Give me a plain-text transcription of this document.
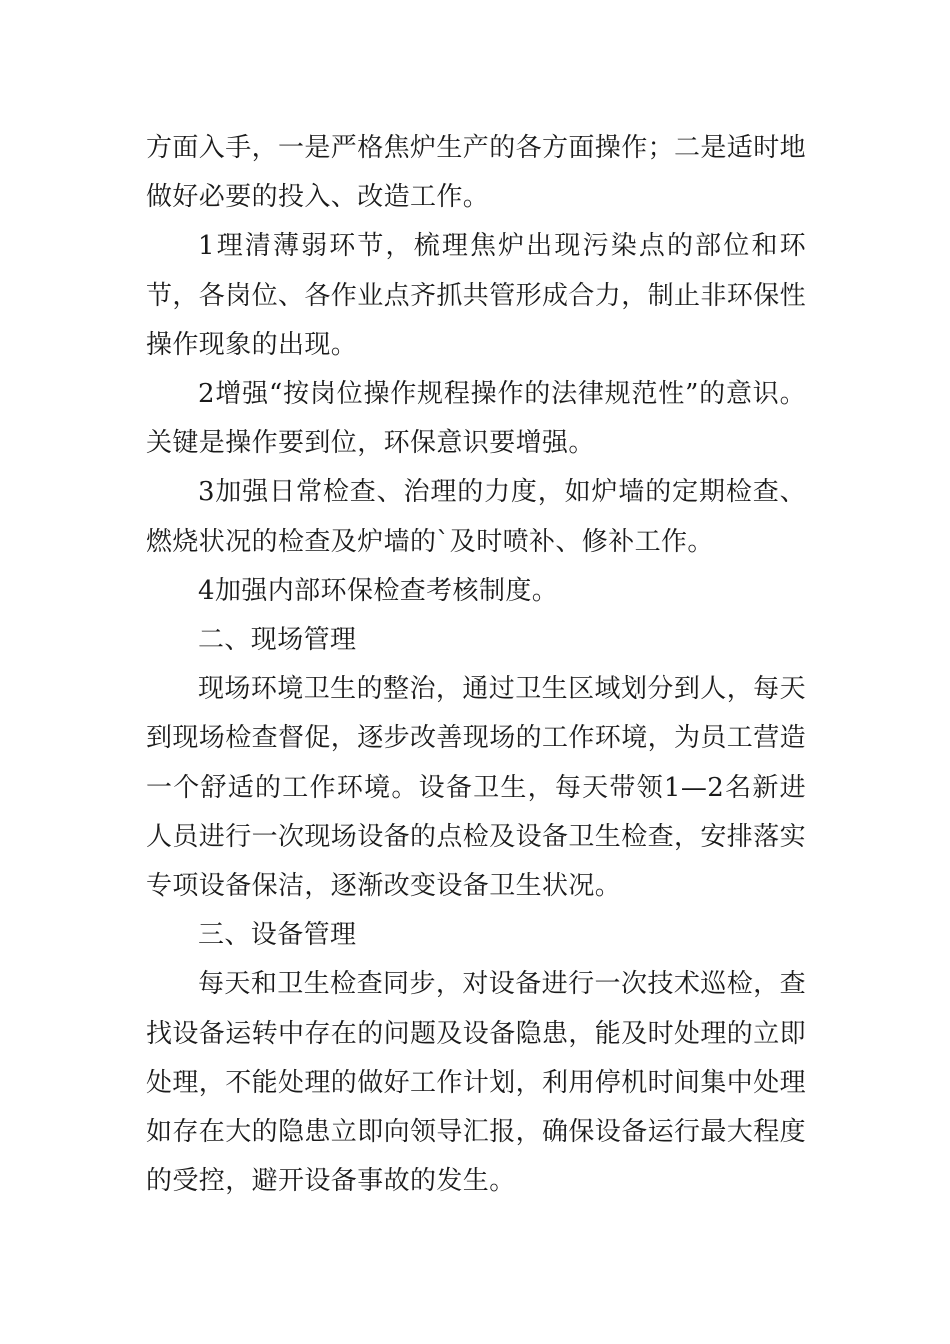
方面入手，一是严格焦炉生产的各方面操作；二是适时地做好必要的投入、改造工作。

1理清薄弱环节，梳理焦炉出现污染点的部位和环节，各岗位、各作业点齐抓共管形成合力，制止非环保性操作现象的出现。

2增强“按岗位操作规程操作的法律规范性”的意识。关键是操作要到位，环保意识要增强。

3加强日常检查、治理的力度，如炉墙的定期检查、燃烧状况的检查及炉墙的`及时喷补、修补工作。

4加强内部环保检查考核制度。

二、现场管理

现场环境卫生的整治，通过卫生区域划分到人，每天到现场检查督促，逐步改善现场的工作环境，为员工营造一个舒适的工作环境。设备卫生，每天带领1—2名新进人员进行一次现场设备的点检及设备卫生检查，安排落实专项设备保洁，逐渐改变设备卫生状况。

三、设备管理

每天和卫生检查同步，对设备进行一次技术巡检，查找设备运转中存在的问题及设备隐患，能及时处理的立即处理，不能处理的做好工作计划，利用停机时间集中处理如存在大的隐患立即向领导汇报，确保设备运行最大程度的受控，避开设备事故的发生。
